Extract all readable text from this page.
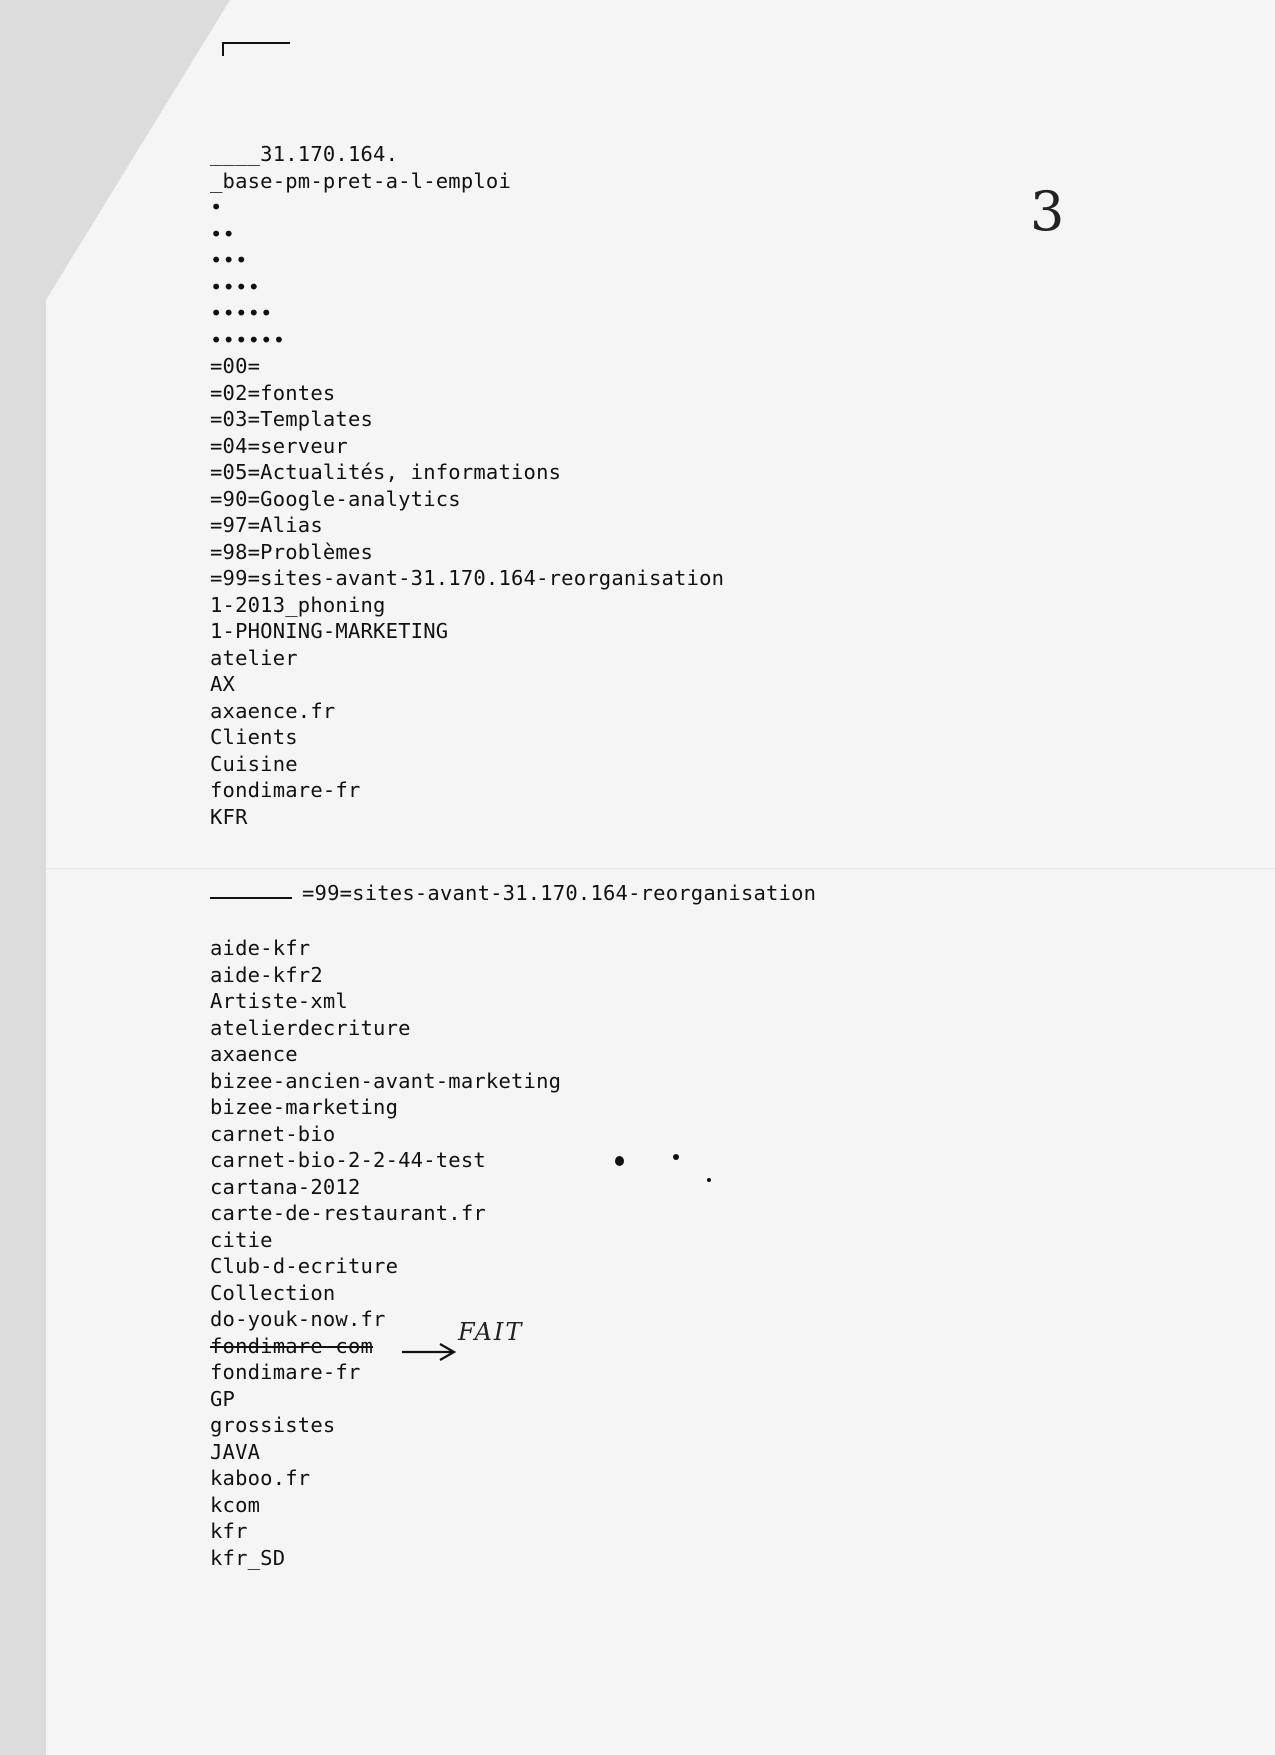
3
____31.170.164.
_base-pm-pret-a-l-emploi
•
••
•••
••••
•••••
••••••
=00=
=02=fontes
=03=Templates
=04=serveur
=05=Actualités, informations
=90=Google-analytics
=97=Alias
=98=Problèmes
=99=sites-avant-31.170.164-reorganisation
1-2013_phoning
1-PHONING-MARKETING
atelier
AX
axaence.fr
Clients
Cuisine
fondimare-fr
KFR
=99=sites-avant-31.170.164-reorganisation
aide-kfr
aide-kfr2
Artiste-xml
atelierdecriture
axaence
bizee-ancien-avant-marketing
bizee-marketing
carnet-bio
carnet-bio-2-2-44-test
cartana-2012
carte-de-restaurant.fr
citie
Club-d-ecriture
Collection
do-youk-now.fr
fondimare-com
fondimare-fr
GP
grossistes
JAVA
kaboo.fr
kcom
kfr
kfr_SD
FAIT
